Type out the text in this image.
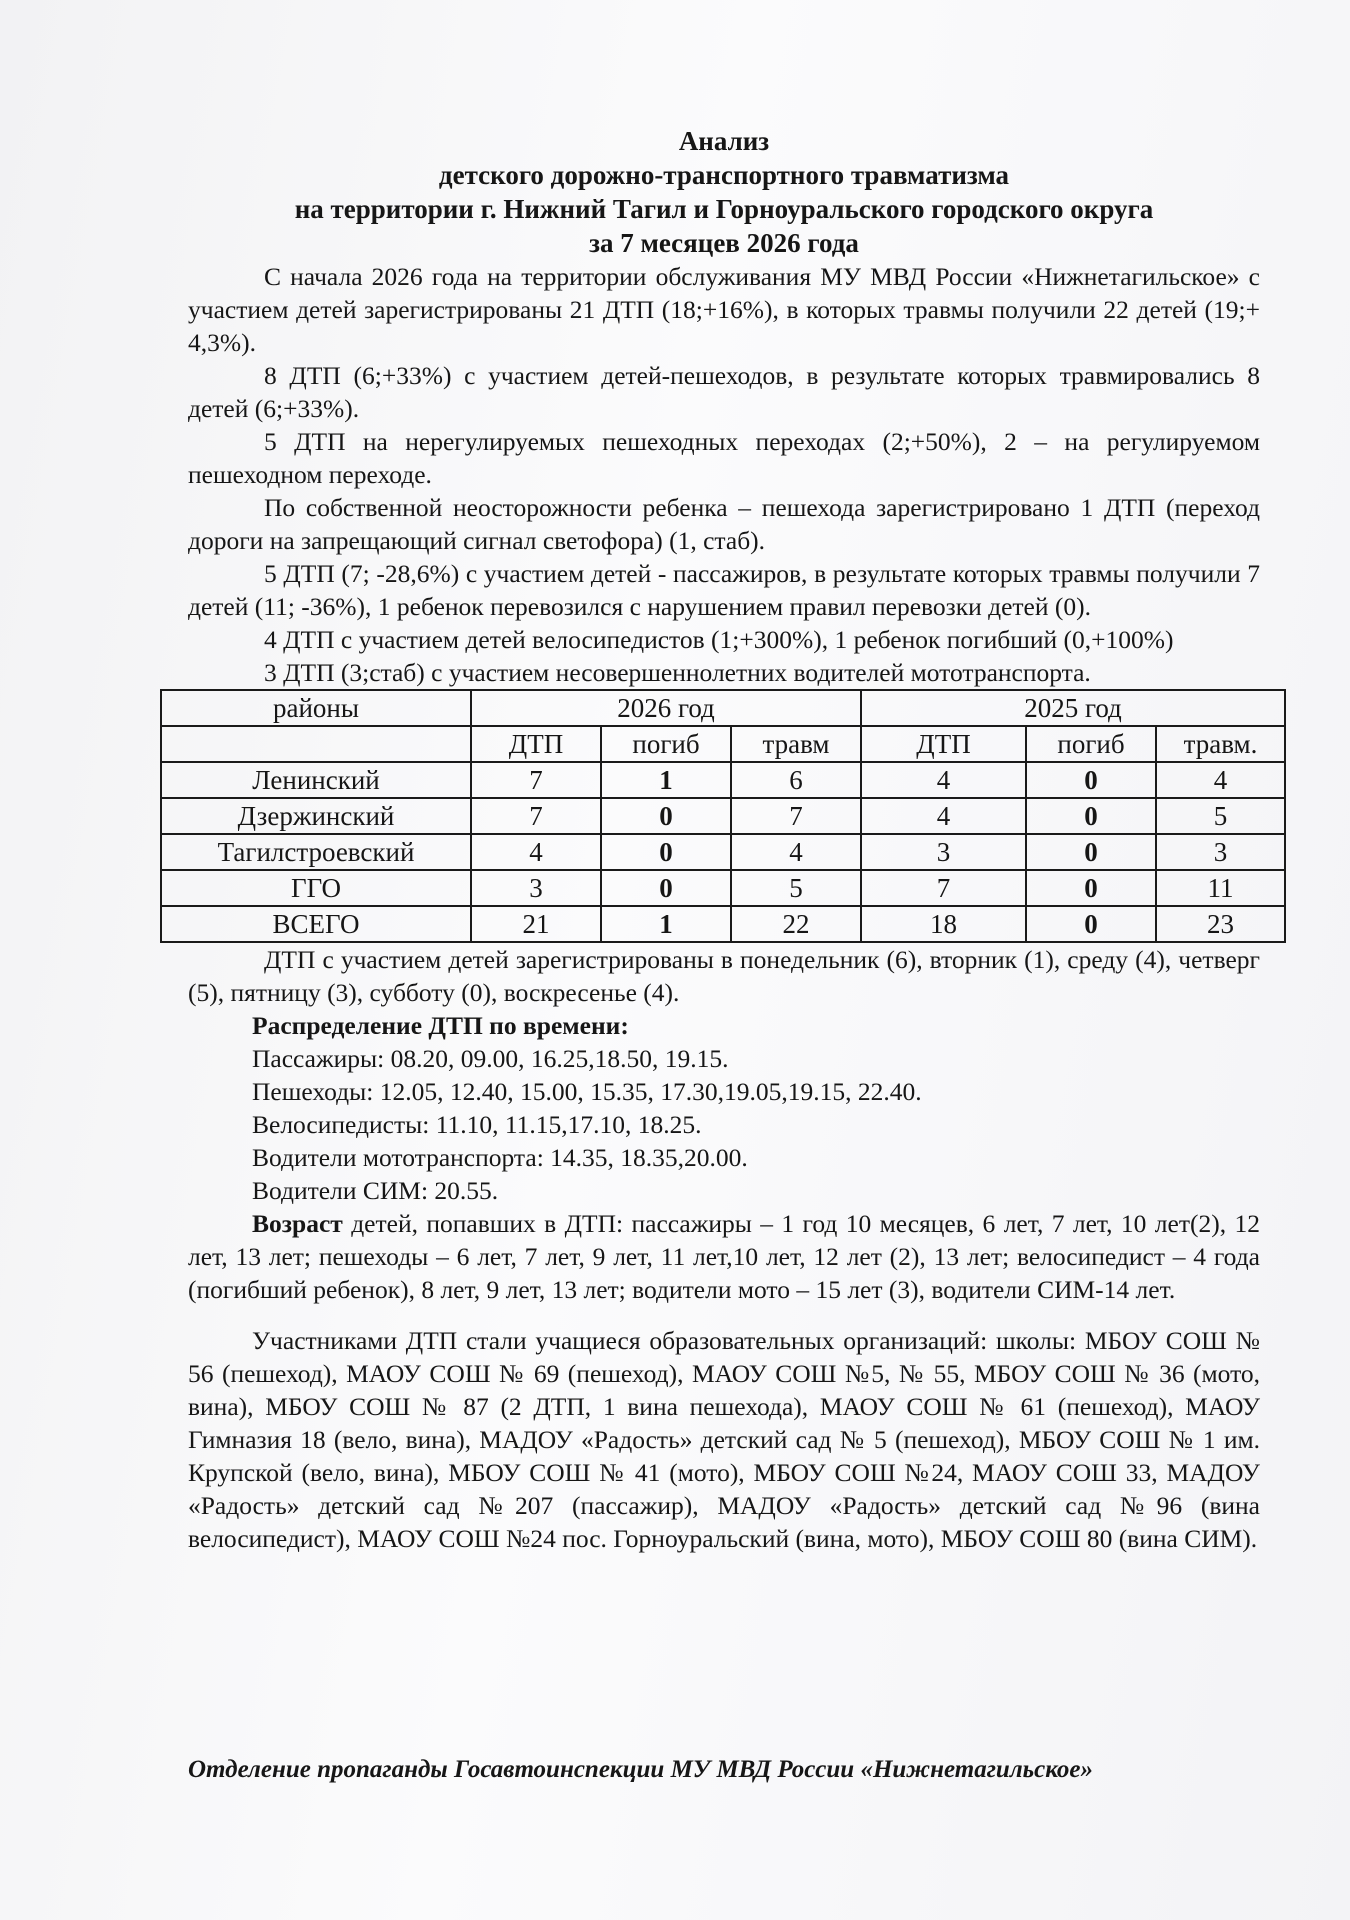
Анализ
детского дорожно-транспортного травматизма
на территории г. Нижний Тагил и Горноуральского городского округа
за 7 месяцев 2026 года

С начала 2026 года на территории обслуживания МУ МВД России «Нижнетагильское» с участием детей зарегистрированы 21 ДТП (18;+16%), в которых травмы получили 22 детей (19;+ 4,3%).

8 ДТП (6;+33%) с участием детей-пешеходов, в результате которых травмировались 8 детей (6;+33%).

5 ДТП на нерегулируемых пешеходных переходах (2;+50%), 2 – на регулируемом пешеходном переходе.

По собственной неосторожности ребенка – пешехода зарегистрировано 1 ДТП (переход дороги на запрещающий сигнал светофора) (1, стаб).

5 ДТП (7; -28,6%) с участием детей - пассажиров, в результате которых травмы получили 7 детей (11; -36%), 1 ребенок перевозился с нарушением правил перевозки детей (0).

4 ДТП с участием детей велосипедистов (1;+300%), 1 ребенок погибший (0,+100%)

3 ДТП (3;стаб) с участием несовершеннолетних водителей мототранспорта.

районы	2026 год			2025 год		
	ДТП	погиб	травм	ДТП	погиб	травм.
Ленинский	7	1	6	4	0	4
Дзержинский	7	0	7	4	0	5
Тагилстроевский	4	0	4	3	0	3
ГГО	3	0	5	7	0	11
ВСЕГО	21	1	22	18	0	23

ДТП с участием детей зарегистрированы в понедельник (6), вторник (1), среду (4), четверг (5), пятницу (3), субботу (0), воскресенье (4).

Распределение ДТП по времени:

Пассажиры: 08.20, 09.00, 16.25,18.50, 19.15.

Пешеходы: 12.05, 12.40, 15.00, 15.35, 17.30,19.05,19.15, 22.40.

Велосипедисты: 11.10, 11.15,17.10, 18.25.

Водители мототранспорта: 14.35, 18.35,20.00.

Водители СИМ: 20.55.

Возраст детей, попавших в ДТП: пассажиры – 1 год 10 месяцев, 6 лет, 7 лет, 10 лет(2), 12 лет, 13 лет; пешеходы – 6 лет, 7 лет, 9 лет, 11 лет,10 лет, 12 лет (2), 13 лет; велосипедист – 4 года (погибший ребенок), 8 лет, 9 лет, 13 лет; водители мото – 15 лет (3), водители СИМ-14 лет.

Участниками ДТП стали учащиеся образовательных организаций: школы: МБОУ СОШ № 56 (пешеход), МАОУ СОШ № 69 (пешеход), МАОУ СОШ №5, № 55, МБОУ СОШ № 36 (мото, вина), МБОУ СОШ № 87 (2 ДТП, 1 вина пешехода), МАОУ СОШ № 61 (пешеход), МАОУ Гимназия 18 (вело, вина), МАДОУ «Радость» детский сад № 5 (пешеход), МБОУ СОШ № 1 им. Крупской (вело, вина), МБОУ СОШ № 41 (мото), МБОУ СОШ №24, МАОУ СОШ 33, МАДОУ «Радость» детский сад №207 (пассажир), МАДОУ «Радость» детский сад №96 (вина велосипедист), МАОУ СОШ №24 пос. Горноуральский (вина, мото), МБОУ СОШ 80 (вина СИМ).

Отделение пропаганды Госавтоинспекции МУ МВД России «Нижнетагильское»
